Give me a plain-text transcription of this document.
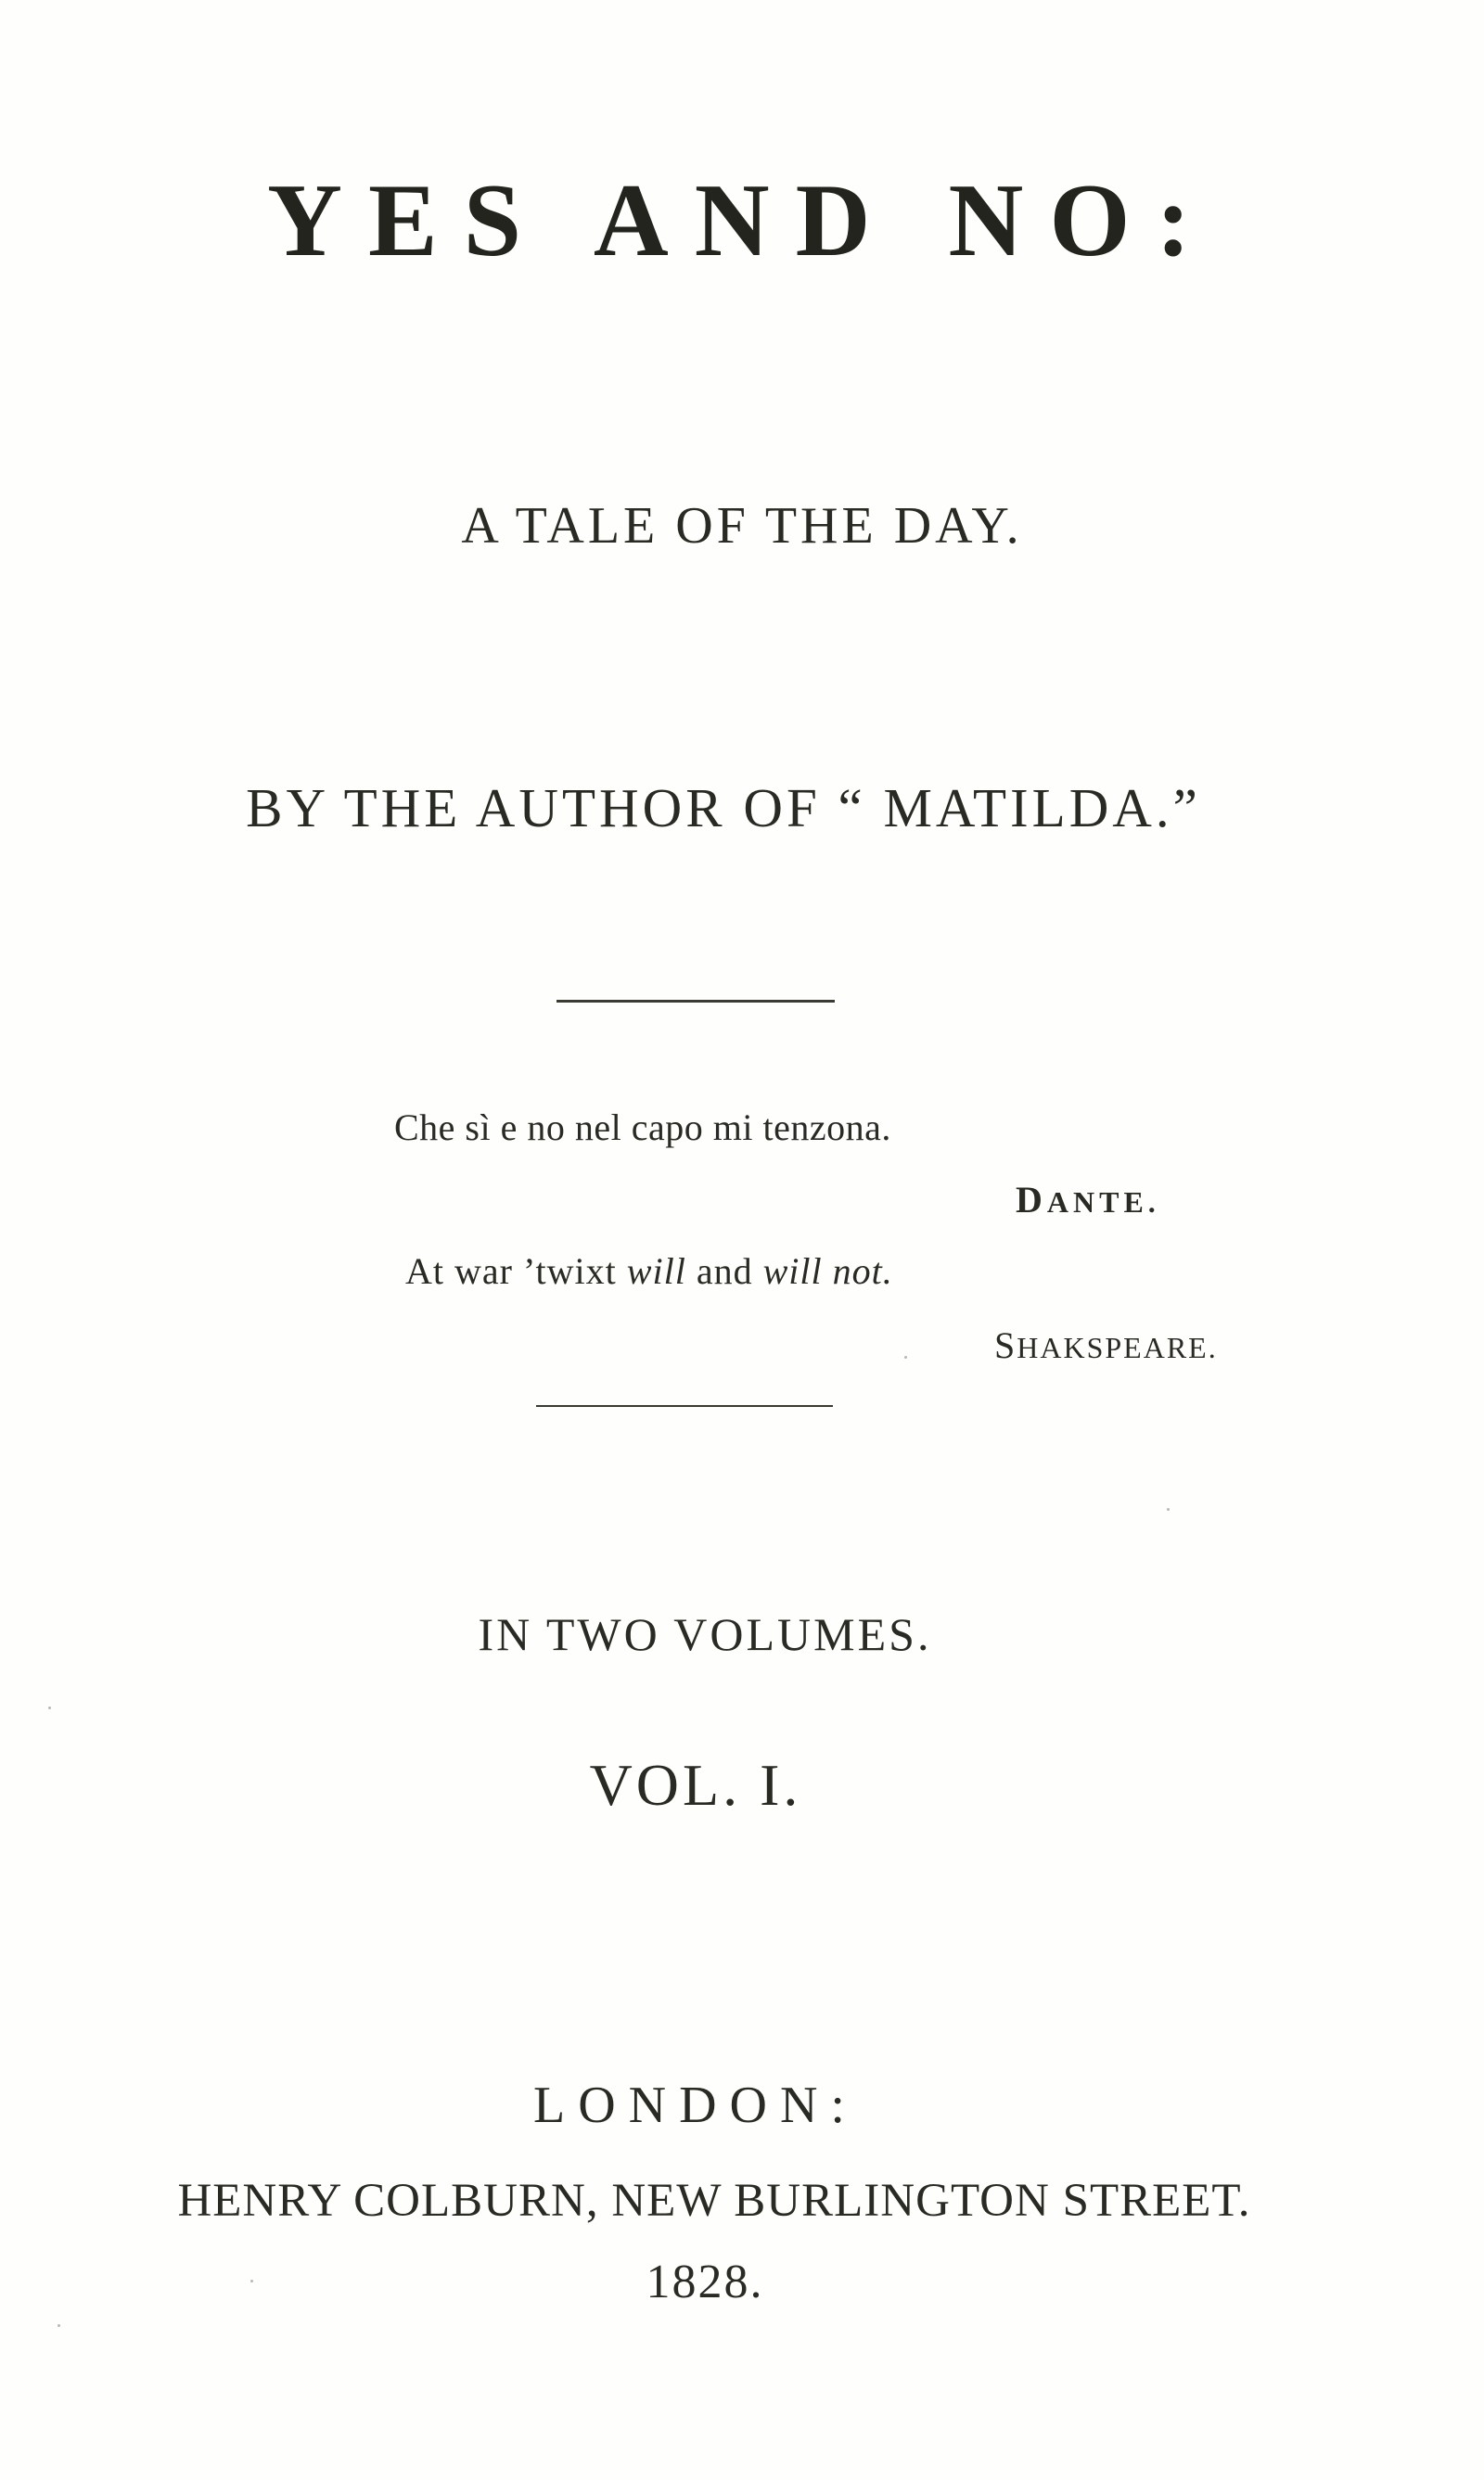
YES AND NO:

A TALE OF THE DAY.

BY THE AUTHOR OF “ MATILDA.”

Che sì e no nel capo mi tenzona.

DANTE.

At war ’twixt will and will not.

SHAKSPEARE.

IN TWO VOLUMES.

VOL. I.

LONDON:

HENRY COLBURN, NEW BURLINGTON STREET.

1828.
